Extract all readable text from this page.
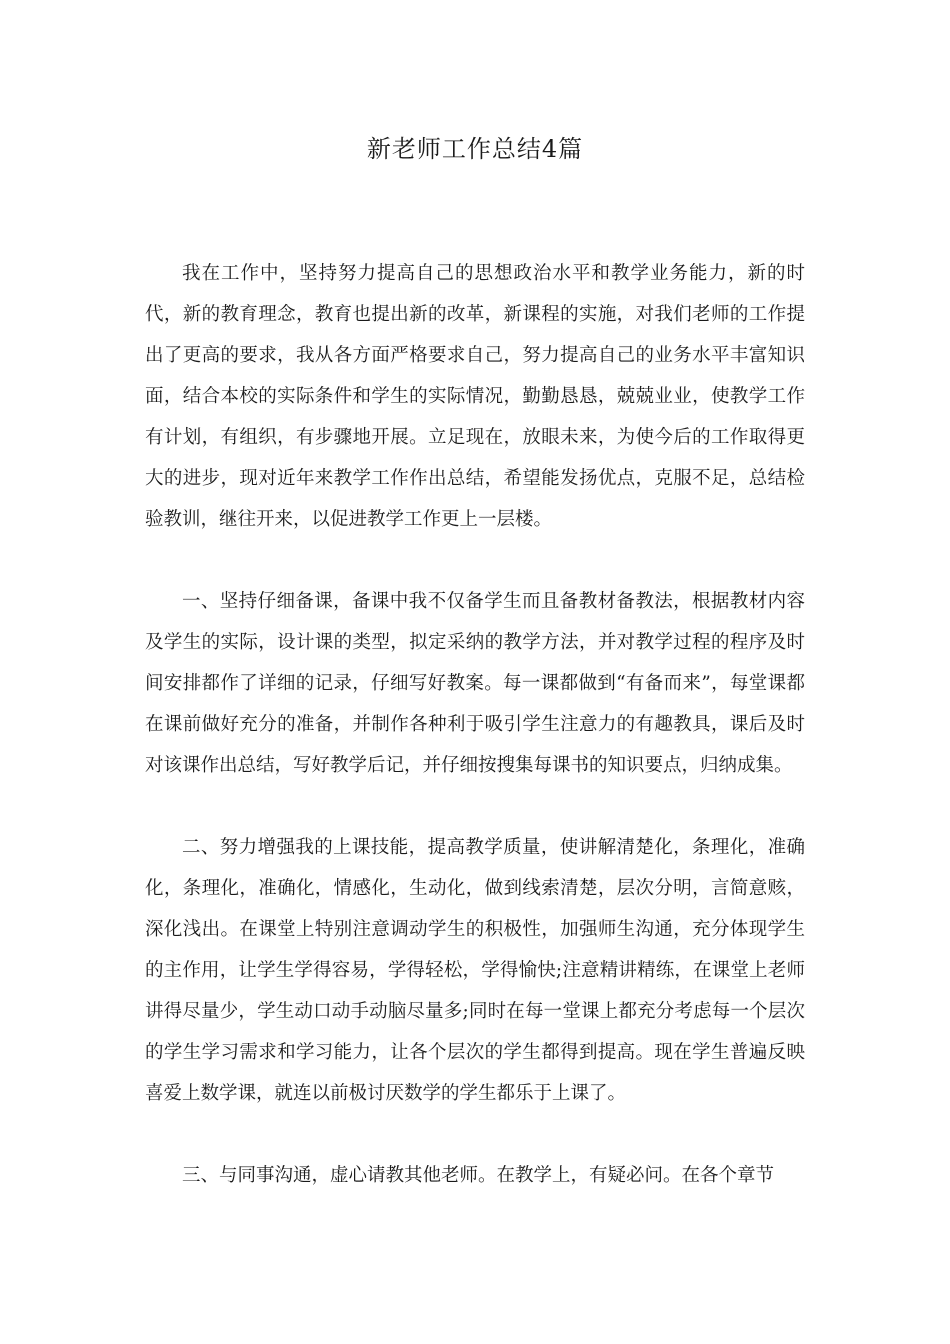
新老师工作总结4篇

我在工作中，坚持努力提高自己的思想政治水平和教学业务能力，新的时代，新的教育理念，教育也提出新的改革，新课程的实施，对我们老师的工作提出了更高的要求，我从各方面严格要求自己，努力提高自己的业务水平丰富知识面，结合本校的实际条件和学生的实际情况，勤勤恳恳，兢兢业业，使教学工作有计划，有组织，有步骤地开展。立足现在，放眼未来，为使今后的工作取得更大的进步，现对近年来教学工作作出总结，希望能发扬优点，克服不足，总结检验教训，继往开来，以促进教学工作更上一层楼。

一、坚持仔细备课，备课中我不仅备学生而且备教材备教法，根据教材内容及学生的实际，设计课的类型，拟定采纳的教学方法，并对教学过程的程序及时间安排都作了详细的记录，仔细写好教案。每一课都做到“有备而来”，每堂课都在课前做好充分的准备，并制作各种利于吸引学生注意力的有趣教具，课后及时对该课作出总结，写好教学后记，并仔细按搜集每课书的知识要点，归纳成集。

二、努力增强我的上课技能，提高教学质量，使讲解清楚化，条理化，准确化，条理化，准确化，情感化，生动化，做到线索清楚，层次分明，言简意赅，深化浅出。在课堂上特别注意调动学生的积极性，加强师生沟通，充分体现学生的主作用，让学生学得容易，学得轻松，学得愉快;注意精讲精练，在课堂上老师讲得尽量少，学生动口动手动脑尽量多;同时在每一堂课上都充分考虑每一个层次的学生学习需求和学习能力，让各个层次的学生都得到提高。现在学生普遍反映喜爱上数学课，就连以前极讨厌数学的学生都乐于上课了。

三、与同事沟通，虚心请教其他老师。在教学上，有疑必问。在各个章节
